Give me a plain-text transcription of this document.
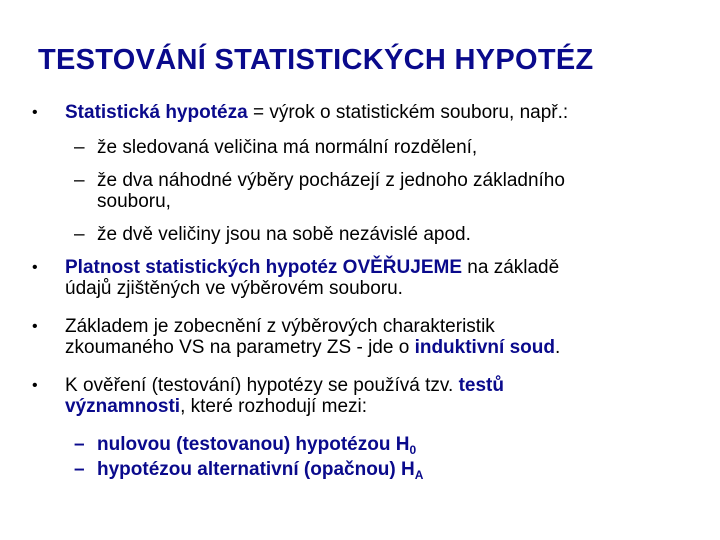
TESTOVÁNÍ STATISTICKÝCH HYPOTÉZ
• Statistická hypotéza = výrok o statistickém souboru, např.:
– že sledovaná veličina má normální rozdělení,
– že dva náhodné výběry pocházejí z jednoho základního
souboru,
– že dvě veličiny jsou na sobě nezávislé apod.
• Platnost statistických hypotéz OVĚŘUJEME na základě
údajů zjištěných ve výběrovém souboru.
• Základem je zobecnění z výběrových charakteristik
zkoumaného VS na parametry ZS - jde o induktivní soud.
• K ověření (testování) hypotézy se používá tzv. testů
významnosti, které rozhodují mezi:
– nulovou (testovanou) hypotézou $H_0$
– hypotézou alternativní (opačnou) $H_A$
